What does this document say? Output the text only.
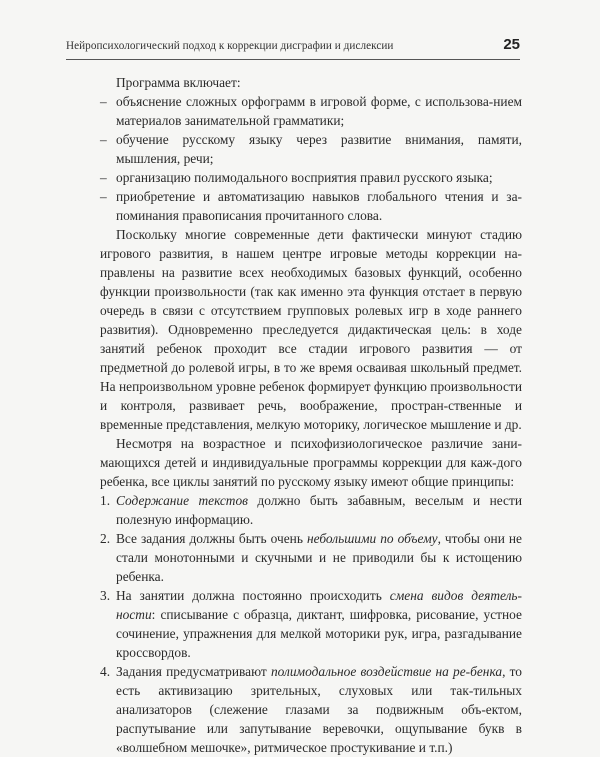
Нейропсихологический подход к коррекции дисграфии и дислексии	25

Программа включает:

– объяснение сложных орфограмм в игровой форме, с использова-нием материалов занимательной грамматики;
– обучение русскому языку через развитие внимания, памяти, мышления, речи;
– организацию полимодального восприятия правил русского языка;
– приобретение и автоматизацию навыков глобального чтения и за-поминания правописания прочитанного слова.

Поскольку многие современные дети фактически минуют стадию игрового развития, в нашем центре игровые методы коррекции на-правлены на развитие всех необходимых базовых функций, особенно функции произвольности (так как именно эта функция отстает в первую очередь в связи с отсутствием групповых ролевых игр в ходе раннего развития). Одновременно преследуется дидактическая цель: в ходе занятий ребенок проходит все стадии игрового развития — от предметной до ролевой игры, в то же время осваивая школьный предмет. На непроизвольном уровне ребенок формирует функцию произвольности и контроля, развивает речь, воображение, простран-ственные и временные представления, мелкую моторику, логическое мышление и др.

Несмотря на возрастное и психофизиологическое различие зани-мающихся детей и индивидуальные программы коррекции для каж-дого ребенка, все циклы занятий по русскому языку имеют общие принципы:

1. Содержание текстов должно быть забавным, веселым и нести полезную информацию.
2. Все задания должны быть очень небольшими по объему, чтобы они не стали монотонными и скучными и не приводили бы к истощению ребенка.
3. На занятии должна постоянно происходить смена видов деятель-ности: списывание с образца, диктант, шифровка, рисование, устное сочинение, упражнения для мелкой моторики рук, игра, разгадывание кроссвордов.
4. Задания предусматривают полимодальное воздействие на ре-бенка, то есть активизацию зрительных, слуховых или так-тильных анализаторов (слежение глазами за подвижным объ-ектом, распутывание или запутывание веревочки, ощупывание букв в «волшебном мешочке», ритмическое простукивание и т.п.)
